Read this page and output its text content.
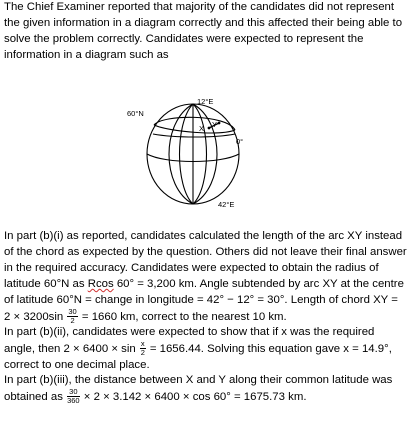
The Chief Examiner reported that majority of the candidates did not represent
the given information in a diagram correctly and this affected their being able to
solve the problem correctly. Candidates were expected to represent the
information in a diagram such as

60°N
12°E
0°
42°E
X Y

In part (b)(i) as reported, candidates calculated the length of the arc XY instead
of the chord as expected by the question. Others did not leave their final answer
in the required accuracy. Candidates were expected to obtain the radius of
latitude 60°N as Rcos 60° = 3,200 km. Angle subtended by arc XY at the centre
of latitude 60°N = change in longitude = 42° − 12° = 30°. Length of chord XY =
$2 \times 3200\sin \frac{30}{2} = 1660$ km, correct to the nearest 10 km.

In part (b)(ii), candidates were expected to show that if x was the required
angle, then $2 \times 6400 \times \sin \frac{x}{2} = 1656.44$. Solving this equation gave x = 14.9°,
correct to one decimal place.

In part (b)(iii), the distance between X and Y along their common latitude was
obtained as $\frac{30}{360} \times 2 \times 3.142 \times 6400 \times \cos 60^\circ = 1675.73$ km.
